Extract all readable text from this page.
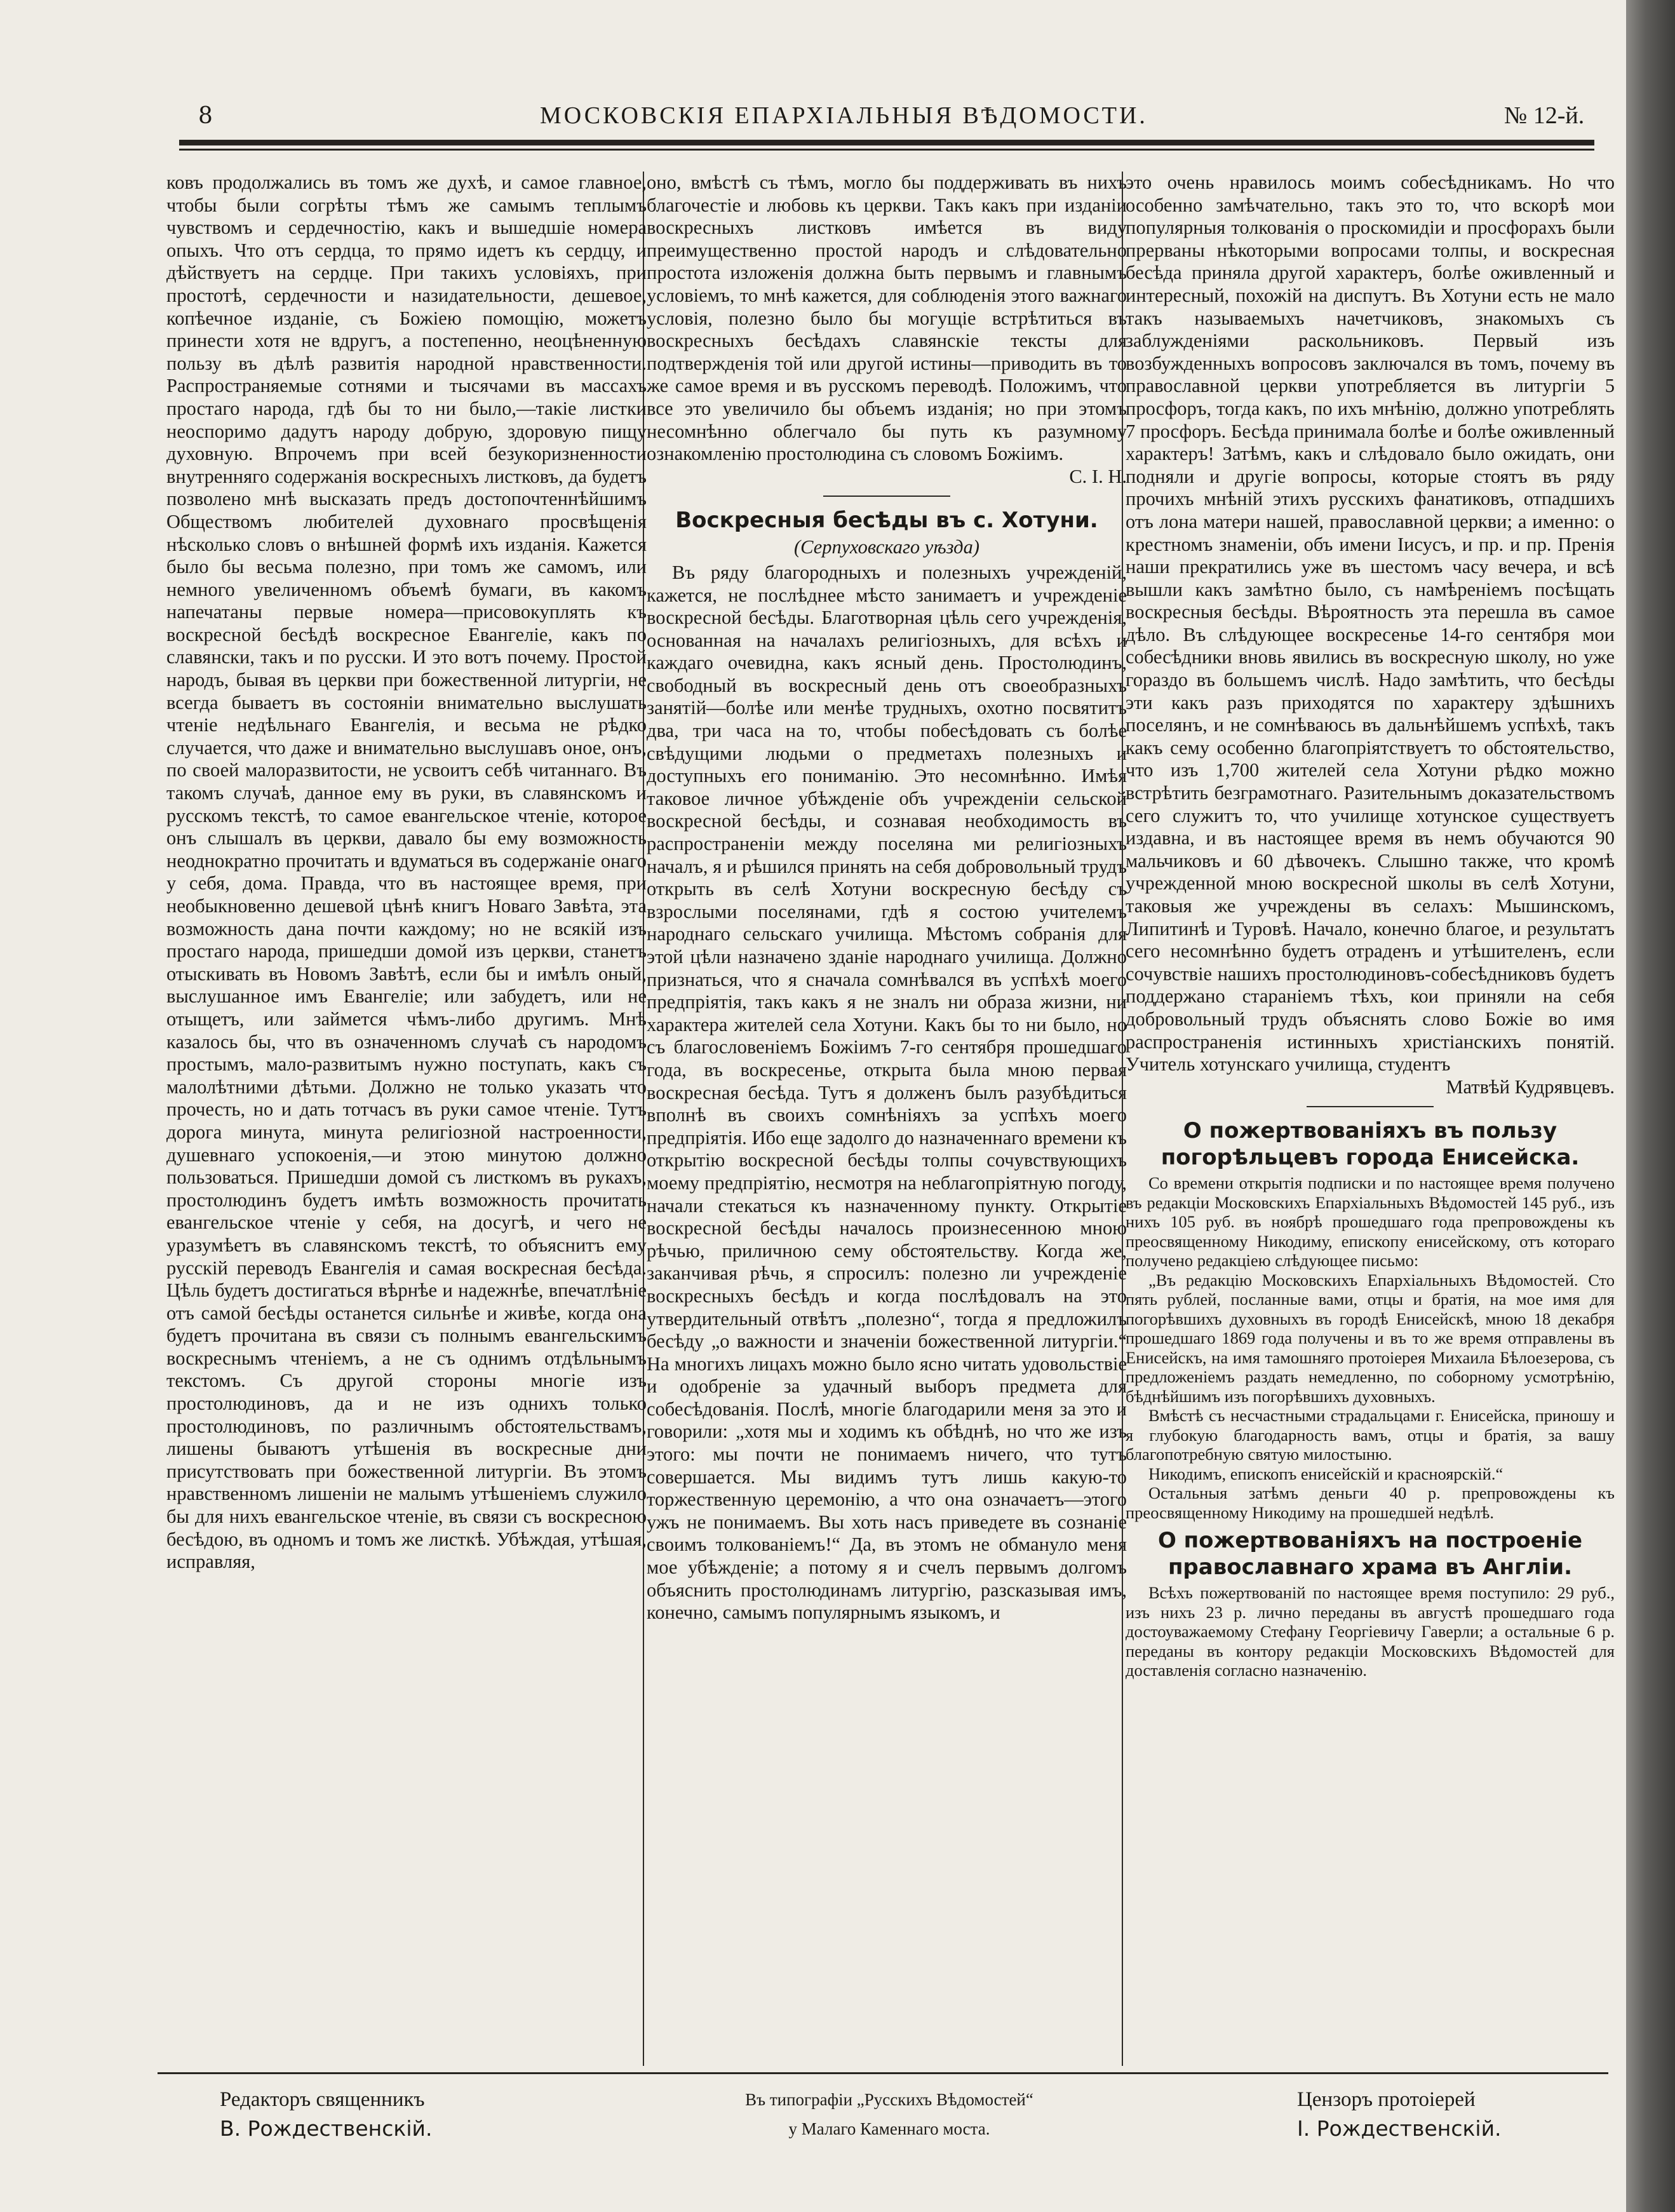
8	МОСКОВСКІЯ ЕПАРХІАЛЬНЫЯ ВѢДОМОСТИ.	№ 12-й.

ковъ продолжались въ томъ же духѣ, и самое главное, чтобы были согрѣты тѣмъ же самымъ теплымъ чувствомъ и сердечностію, какъ и вышедшіе номера опыхъ. Что отъ сердца, то прямо идетъ къ сердцу, и дѣйствуетъ на сердце. При такихъ условіяхъ, при простотѣ, сердечности и назидательности, дешевое, копѣечное изданіе, съ Божіею помощію, можетъ принести хотя не вдругъ, а постепенно, неоцѣненную пользу въ дѣлѣ развитія народной нравственности. Распространяемые сотнями и тысячами въ массахъ простаго народа, гдѣ бы то ни было,—такіе листки неоспоримо дадутъ народу добрую, здоровую пищу духовную. Впрочемъ при всей безукоризненности внутренняго содержанія воскресныхъ листковъ, да будетъ позволено мнѣ высказать предъ достопочтеннѣйшимъ Обществомъ любителей духовнаго просвѣщенія нѣсколько словъ о внѣшней формѣ ихъ изданія. Кажется было бы весьма полезно, при томъ же самомъ, или немного увеличенномъ объемѣ бумаги, въ какомъ напечатаны первые номера—присовокуплять къ воскресной бесѣдѣ воскресное Евангеліе, какъ по славянски, такъ и по русски. И это вотъ почему. Простой народъ, бывая въ церкви при божественной литургіи, не всегда бываетъ въ состояніи внимательно выслушать чтеніе недѣльнаго Евангелія, и весьма не рѣдко случается, что даже и внимательно выслушавъ оное, онъ, по своей малоразвитости, не усвоитъ себѣ читаннаго. Въ такомъ случаѣ, данное ему въ руки, въ славянскомъ и русскомъ текстѣ, то самое евангельское чтеніе, которое онъ слышалъ въ церкви, давало бы ему возможность неоднократно прочитать и вдуматься въ содержаніе онаго у себя, дома. Правда, что въ настоящее время, при необыкновенно дешевой цѣнѣ книгъ Новаго Завѣта, эта возможность дана почти каждому; но не всякій изъ простаго народа, пришедши домой изъ церкви, станетъ отыскивать въ Новомъ Завѣтѣ, если бы и имѣлъ оный, выслушанное имъ Евангеліе; или забудетъ, или не отыщетъ, или займется чѣмъ-либо другимъ. Мнѣ казалось бы, что въ означенномъ случаѣ съ народомъ простымъ, мало-развитымъ нужно поступать, какъ съ малолѣтними дѣтьми. Должно не только указать что прочесть, но и дать тотчасъ въ руки самое чтеніе. Тутъ дорога минута, минута религіозной настроенности, душевнаго успокоенія,—и этою минутою должно пользоваться. Пришедши домой съ листкомъ въ рукахъ, простолюдинъ будетъ имѣть возможность прочитать евангельское чтеніе у себя, на досугѣ, и чего не уразумѣетъ въ славянскомъ текстѣ, то объяснитъ ему русскій переводъ Евангелія и самая воскресная бесѣда. Цѣль будетъ достигаться вѣрнѣе и надежнѣе, впечатлѣніе отъ самой бесѣды останется сильнѣе и живѣе, когда она будетъ прочитана въ связи съ полнымъ евангельскимъ воскреснымъ чтеніемъ, а не съ однимъ отдѣльнымъ текстомъ. Съ другой стороны многіе изъ простолюдиновъ, да и не изъ однихъ только простолюдиновъ, по различнымъ обстоятельствамъ, лишены бываютъ утѣшенія въ воскресные дни присутствовать при божественной литургіи. Въ этомъ нравственномъ лишеніи не малымъ утѣшеніемъ служило бы для нихъ евангельское чтеніе, въ связи съ воскресною бесѣдою, въ одномъ и томъ же листкѣ. Убѣждая, утѣшая, исправляя,

оно, вмѣстѣ съ тѣмъ, могло бы поддерживать въ нихъ благочестіе и любовь къ церкви. Такъ какъ при изданіи воскресныхъ листковъ имѣется въ виду преимущественно простой народъ и слѣдовательно простота изложенія должна быть первымъ и главнымъ условіемъ, то мнѣ кажется, для соблюденія этого важнаго условія, полезно было бы могущіе встрѣтиться въ воскресныхъ бесѣдахъ славянскіе тексты для подтвержденія той или другой истины—приводить въ то же самое время и въ русскомъ переводѣ. Положимъ, что все это увеличило бы объемъ изданія; но при этомъ несомнѣнно облегчало бы путь къ разумному ознакомленію простолюдина съ словомъ Божіимъ.

С. І. Н.

Воскресныя бесѣды въ с. Хотуни.
(Серпуховскаго уѣзда)

Въ ряду благородныхъ и полезныхъ учрежденій, кажется, не послѣднее мѣсто занимаетъ и учрежденіе воскресной бесѣды. Благотворная цѣль сего учрежденія, основанная на началахъ религіозныхъ, для всѣхъ и каждаго очевидна, какъ ясный день. Простолюдинъ, свободный въ воскресный день отъ своеобразныхъ занятій—болѣе или менѣе трудныхъ, охотно посвятитъ два, три часа на то, чтобы побесѣдовать съ болѣе свѣдущими людьми о предметахъ полезныхъ и доступныхъ его пониманію. Это несомнѣнно. Имѣя таковое личное убѣжденіе объ учрежденіи сельской воскресной бесѣды, и сознавая необходимость въ распространеніи между поселяна ми религіозныхъ началъ, я и рѣшился принять на себя добровольный трудъ открыть въ селѣ Хотуни воскресную бесѣду съ взрослыми поселянами, гдѣ я состою учителемъ народнаго сельскаго училища. Мѣстомъ собранія для этой цѣли назначено зданіе народнаго училища. Должно признаться, что я сначала сомнѣвался въ успѣхѣ моего предпріятія, такъ какъ я не зналъ ни образа жизни, ни характера жителей села Хотуни. Какъ бы то ни было, но съ благословеніемъ Божіимъ 7-го сентября прошедшаго года, въ воскресенье, открыта была мною первая воскресная бесѣда. Тутъ я долженъ былъ разубѣдиться вполнѣ въ своихъ сомнѣніяхъ за успѣхъ моего предпріятія. Ибо еще задолго до назначеннаго времени къ открытію воскресной бесѣды толпы сочувствующихъ моему предпріятію, несмотря на неблагопріятную погоду, начали стекаться къ назначенному пункту. Открытіе воскресной бесѣды началось произнесенною мною рѣчью, приличною сему обстоятельству. Когда же, заканчивая рѣчь, я спросилъ: полезно ли учрежденіе воскресныхъ бесѣдъ и когда послѣдовалъ на это утвердительный отвѣтъ „полезно“, тогда я предложилъ бесѣду „о важности и значеніи божественной литургіи.“ На многихъ лицахъ можно было ясно читать удовольствіе и одобреніе за удачный выборъ предмета для собесѣдованія. Послѣ, многіе благодарили меня за это и говорили: „хотя мы и ходимъ къ обѣднѣ, но что же изъ этого: мы почти не понимаемъ ничего, что тутъ совершается. Мы видимъ тутъ лишь какую-то торжественную церемонію, а что она означаетъ—этого ужъ не понимаемъ. Вы хоть насъ приведете въ сознаніе своимъ толкованіемъ!“ Да, въ этомъ не обмануло меня мое убѣжденіе; а потому я и счелъ первымъ долгомъ объяснить простолюдинамъ литургію, разсказывая имъ, конечно, самымъ популярнымъ языкомъ, и

это очень нравилось моимъ собесѣдникамъ. Но что особенно замѣчательно, такъ это то, что вскорѣ мои популярныя толкованія о проскомидіи и просфорахъ были прерваны нѣкоторыми вопросами толпы, и воскресная бесѣда приняла другой характеръ, болѣе оживленный и интересный, похожій на диспутъ. Въ Хотуни есть не мало такъ называемыхъ начетчиковъ, знакомыхъ съ заблужденіями раскольниковъ. Первый изъ возбужденныхъ вопросовъ заключался въ томъ, почему въ православной церкви употребляется въ литургіи 5 просфоръ, тогда какъ, по ихъ мнѣнію, должно употреблять 7 просфоръ. Бесѣда принимала болѣе и болѣе оживленный характеръ! Затѣмъ, какъ и слѣдовало было ожидать, они подняли и другіе вопросы, которые стоятъ въ ряду прочихъ мнѣній этихъ русскихъ фанатиковъ, отпадшихъ отъ лона матери нашей, православной церкви; а именно: о крестномъ знаменіи, объ имени Іисусъ, и пр. и пр. Пренія наши прекратились уже въ шестомъ часу вечера, и всѣ вышли какъ замѣтно было, съ намѣреніемъ посѣщать воскресныя бесѣды. Вѣроятность эта перешла въ самое дѣло. Въ слѣдующее воскресенье 14-го сентября мои собесѣдники вновь явились въ воскресную школу, но уже гораздо въ большемъ числѣ. Надо замѣтить, что бесѣды эти какъ разъ приходятся по характеру здѣшнихъ поселянъ, и не сомнѣваюсь въ дальнѣйшемъ успѣхѣ, такъ какъ сему особенно благопріятствуетъ то обстоятельство, что изъ 1,700 жителей села Хотуни рѣдко можно встрѣтить безграмотнаго. Разительнымъ доказательствомъ сего служитъ то, что училище хотунское существуетъ издавна, и въ настоящее время въ немъ обучаются 90 мальчиковъ и 60 дѣвочекъ. Слышно также, что кромѣ учрежденной мною воскресной школы въ селѣ Хотуни, таковыя же учреждены въ селахъ: Мышинскомъ, Липитинѣ и Туровѣ. Начало, конечно благое, и результатъ сего несомнѣнно будетъ отраденъ и утѣшителенъ, если сочувствіе нашихъ простолюдиновъ-собесѣдниковъ будетъ поддержано стараніемъ тѣхъ, кои приняли на себя добровольный трудъ объяснять слово Божіе во имя распространенія истинныхъ христіанскихъ понятій. Учитель хотунскаго училища, студентъ

Матвѣй Кудрявцевъ.

О пожертвованіяхъ въ пользу погорѣльцевъ города Енисейска.

Со времени открытія подписки и по настоящее время получено въ редакціи Московскихъ Епархіальныхъ Вѣдомостей 145 руб., изъ нихъ 105 руб. въ ноябрѣ прошедшаго года препровождены къ преосвященному Никодиму, епископу енисейскому, отъ котораго получено редакціею слѣдующее письмо:

„Въ редакцію Московскихъ Епархіальныхъ Вѣдомостей. Сто пять рублей, посланные вами, отцы и братія, на мое имя для погорѣвшихъ духовныхъ въ городѣ Енисейскѣ, мною 18 декабря прошедшаго 1869 года получены и въ то же время отправлены въ Енисейскъ, на имя тамошняго протоіерея Михаила Бѣлоезерова, съ предложеніемъ раздать немедленно, по соборному усмотрѣнію, бѣднѣйшимъ изъ погорѣвшихъ духовныхъ.

Вмѣстѣ съ несчастными страдальцами г. Енисейска, приношу и я глубокую благодарность вамъ, отцы и братія, за вашу благопотребную святую милостыню.

Никодимъ, епископъ енисейскій и красноярскій.“

Остальныя затѣмъ деньги 40 р. препровождены къ преосвященному Никодиму на прошедшей недѣлѣ.

О пожертвованіяхъ на построеніе православнаго храма въ Англіи.

Всѣхъ пожертвованій по настоящее время поступило: 29 руб., изъ нихъ 23 р. лично переданы въ августѣ прошедшаго года достоуважаемому Стефану Георгіевичу Гаверли; а остальные 6 р. переданы въ контору редакціи Московскихъ Вѣдомостей для доставленія согласно назначенію.

Редакторъ священникъ
В. Рождественскій.
Въ типографіи „Русскихъ Вѣдомостей“
у Малаго Каменнаго моста.
Цензоръ протоіерей
І. Рождественскій.
